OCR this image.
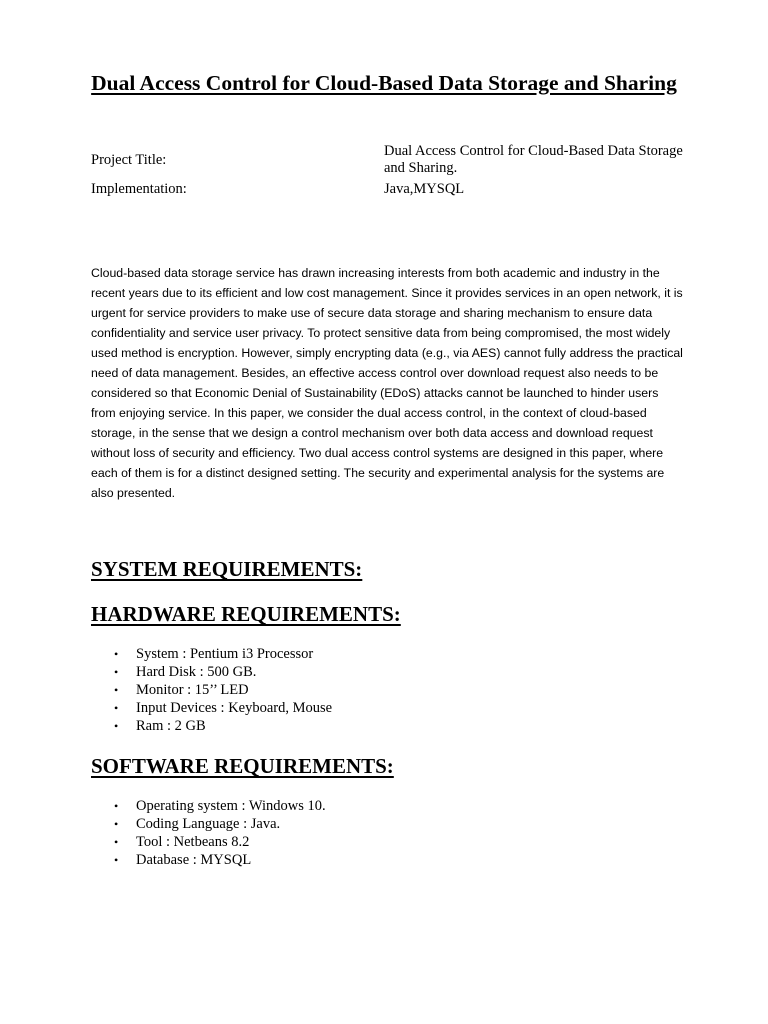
Dual Access Control for Cloud-Based Data Storage and Sharing
Project Title:
Dual Access Control for Cloud-Based Data Storage and Sharing.
Implementation:	Java,MYSQL

Cloud-based data storage service has drawn increasing interests from both academic and industry in the recent years due to its efficient and low cost management. Since it provides services in an open network, it is urgent for service providers to make use of secure data storage and sharing mechanism to ensure data confidentiality and service user privacy. To protect sensitive data from being compromised, the most widely used method is encryption. However, simply encrypting data (e.g., via AES) cannot fully address the practical need of data management. Besides, an effective access control over download request also needs to be considered so that Economic Denial of Sustainability (EDoS) attacks cannot be launched to hinder users from enjoying service. In this paper, we consider the dual access control, in the context of cloud-based storage, in the sense that we design a control mechanism over both data access and download request without loss of security and efficiency. Two dual access control systems are designed in this paper, where each of them is for a distinct designed setting. The security and experimental analysis for the systems are also presented.

SYSTEM REQUIREMENTS:
HARDWARE REQUIREMENTS:
• System : Pentium i3 Processor
• Hard Disk : 500 GB.
• Monitor : 15’’ LED
• Input Devices : Keyboard, Mouse
• Ram : 2 GB
SOFTWARE REQUIREMENTS:
• Operating system : Windows 10.
• Coding Language : Java.
• Tool : Netbeans 8.2
• Database : MYSQL
